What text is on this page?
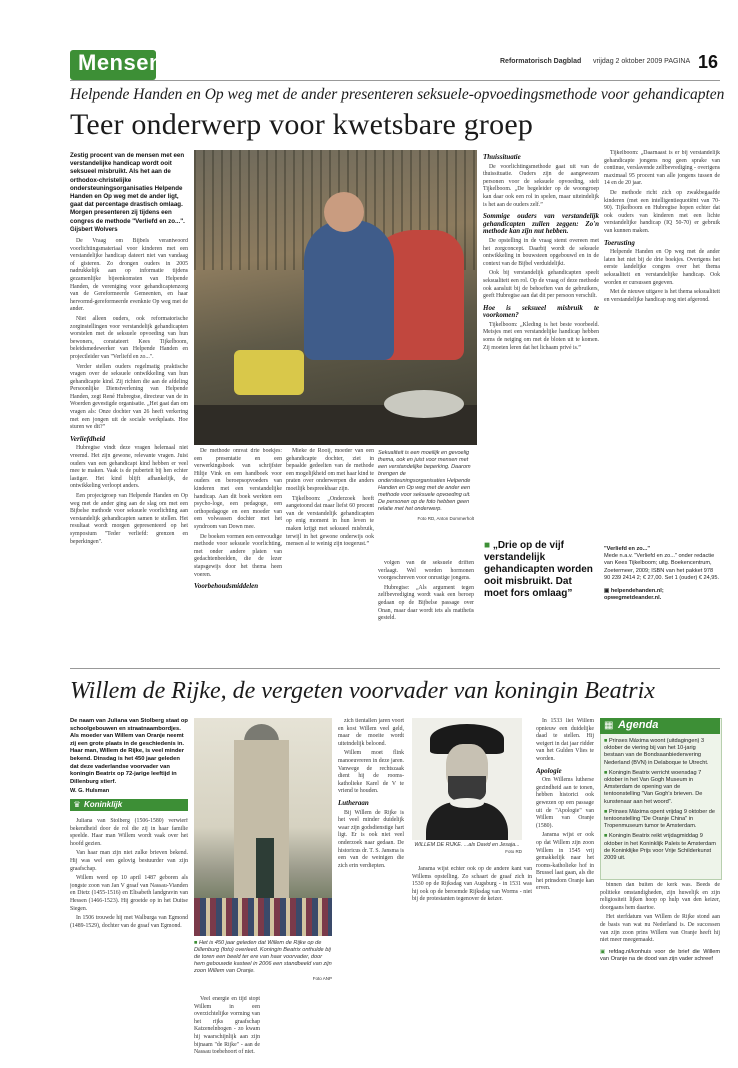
Mensen	Reformatorisch Dagblad vrijdag 2 oktober 2009 PAGINA 16
Helpende Handen en Op weg met de ander presenteren seksuele-opvoedingsmethode voor gehandicapten
Teer onderwerp voor kwetsbare groep
Zestig procent van de mensen met een verstandelijke handicap wordt ooit seksueel misbruikt. Als het aan de orthodox-christelijke ondersteuningsorganisaties Helpende Handen en Op weg met de ander ligt, gaat dat percentage drastisch omlaag. Morgen presenteren zij tijdens een congres de methode "Verliefd en zo...".
Gijsbert Wolvers

De Vraag om Bijbels verantwoord voorlichtingsmateriaal voor kinderen met een verstandelijke handicap dateert niet van vandaag of gisteren. Zo drongen ouders in 2005 nadrukkelijk aan op informatie tijdens gezamenlijke bijeenkomsten van Helpende Handen, de vereniging voor gehandicaptenzorg van de Gereformeerde Gemeenten, en haar hervormd-gereformeerde evenknie Op weg met de ander.

Niet alleen ouders, ook reformatorische zorginstellingen voor verstandelijk gehandicapten worstelen met de seksuele opvoeding van hun bewoners, constateert Kees Tijkelboom, beleidsmedewerker van Helpende Handen en projectleider van "Verliefd en zo...".

Verder stellen ouders regelmatig praktische vragen over de seksuele ontwikkeling van hun gehandicapte kind. Zij richten die aan de afdeling Persoonlijke Dienstverlening van Helpende Handen, zegt René Hubregtse, directeur van de in Woerden gevestigde organisatie. „Het gaat dan om vragen als: Onze dochter van 26 heeft verkering met een jongen uit de sociale werkplaats. Hoe sturen we dit?”

Verliefdheid

Hubregtse vindt deze vragen helemaal niet vreemd. Het zijn gewone, relevante vragen. Juist ouders van een gehandicapt kind hebben er veel mee te maken. Vaak is de puberteit bij hen echter lastiger. Het kind blijft afhankelijk, de ontwikkeling verloopt anders.

Een projectgroep van Helpende Handen en Op weg met de ander ging aan de slag om met een Bijbelse methode voor seksuele voorlichting aan verstandelijk gehandicapten samen te stellen. Het resultaat wordt morgen gepresenteerd op het symposium "Teder verliefd: grenzen en beperkingen".

De methode omvat drie boekjes: een presentatie en een verwerkingsboek van schrijfster Hiltje Vink en een handboek voor ouders en beroepsopvoeders van kinderen met een verstandelijke handicap. Aan dit boek werkten een psycho-loge, een pedagoge, een orthopedagoge en een moeder van een volwassen dochter met het syndroom van Down mee.

De boeken vormen een eenvoudige methode voor seksuele voorlichting, met onder andere platen van gedachtenbeelden, die de lezer stapsgewijs door het thema heen voeren.

Voorbehoudsmiddelen

Mieke de Rooij, moeder van een gehandicapte dochter, ziet in bepaalde gedeelten van de methode een mogelijkheid om met haar kind te praten over onderwerpen die anders moeilijk bespreekbaar zijn.

Tijkelboom: „Onderzoek heeft aangetoond dat maar liefst 60 procent van de verstandelijk gehandicapten op enig moment in hun leven te maken krijgt met seksueel misbruik, terwijl in het gewone onderwijs ook mensen al te weinig zijn toegerust.”

volgen van de seksuele driften verlaagt. Wel worden hormonen voorgeschreven voor onrustige jongens.

Hubregtse: „Als argument tegen zelfbevrediging wordt vaak een beroep gedaan op de Bijbelse passage over Onan, maar daar wordt iets als mattheüs gesteld.

Sekualiteit is een moeilijk en gevoelig thema, ook en juist voor mensen met een verstandelijke beperking. Daarom brengen de ondersteuningsorganisaties Helpende Handen en Op weg met de ander een methode voor seksuele opvoeding uit. De personen op de foto hebben geen relatie met het onderwerp.
Foto RD, Anton Dommerholt
Thuissituatie

De voorlichtingsmethode gaat uit van de thuissituatie. Ouders zijn de aangewezen personen voor de seksuele opvoeding, stelt Tijkelboom. „De begeleider op de woongroep kan daar ook een rol in spelen, maar uiteindelijk is het aan de ouders zelf.”

Sommige ouders van verstandelijk gehandicapten zullen zeggen: Zo'n methode kan zijn nut hebben.

De opstelling in de vraag stemt overeen met het zorgconcept. Daarbij wordt de seksuele ontwikkeling in bouwsteen opgebouwd en in de context van de Bijbel verduidelijkt.

Ook bij verstandelijk gehandicapten speelt seksualiteit een rol. Op de vraag of deze methode ook aansluit bij de behoeften van de gebruikers, geeft Hubregtse aan dat dit per persoon verschilt.

Hoe is seksueel misbruik te voorkomen?

Tijkelboom: „Kleding is het beste voorbeeld. Meisjes met een verstandelijke handicap hebben soms de neiging om met de bloten uit te komen. Zij moeten leren dat het lichaam privé is.”

■ „Drie op de vijf verstandelijk gehandicapten worden ooit misbruikt. Dat moet fors omlaag”

Tijkelboom: „Daarnaast is er bij verstandelijk gehandicapte jongens nog geen sprake van continue, verslavende zelfbevrediging - overigens maximaal 95 procent van alle jongens tussen de 14 en de 20 jaar.

De methode richt zich op zwakbegaafde kinderen (met een intelligentiequotiënt van 70-90). Tijkelboom en Hubregtse hopen echter dat ook ouders van kinderen met een lichte verstandelijke handicap (IQ 50-70) er gebruik van kunnen maken.

Toerusting

Helpende Handen en Op weg met de ander laten het niet bij de drie boekjes. Overigens het eerste landelijke congres over het thema seksualiteit en verstandelijke handicap. Ook worden er cursussen gegeven.

Met de nieuwe uitgave is het thema seksualiteit en verstandelijke handicap nog niet afgerond.

"Verliefd en zo..."
Mede n.a.v. "Verliefd en zo..." onder redactie van Kees Tijkelboom; uitg. Boekencentrum, Zoetermeer, 2009; ISBN van het pakket 978 90 239 2414 2; € 27,00. Set 1 (ouder) € 24,95.
▣ helpendehanden.nl; opwegmetdeander.nl.
Willem de Rijke, de vergeten voorvader van koningin Beatrix
De naam van Juliana van Stolberg staat op schoolgebouwen en straatnaambordjes. Als moeder van Willem van Oranje neemt zij een grote plaats in de geschiedenis in. Haar man, Willem de Rijke, is veel minder bekend. Dinsdag is het 450 jaar geleden dat deze vaderlandse voorvader van koningin Beatrix op 72-jarige leeftijd in Dillenburg stierf.
W. G. Hulsman
♛ Koninklijk

Juliana van Stolberg (1506-1580) verwierf bekendheid door de rol die zij in haar familie speelde. Haar man Willem wordt vaak over het hoofd gezien.

Van haar man zijn niet zulke brieven bekend. Hij was wel een gelovig bestuurder van zijn graafschap.

Willem werd op 10 april 1487 geboren als jongste zoon van Jan V graaf van Nassau-Vianden en Dietz (1455-1516) en Elisabeth landgravin van Hessen (1466-1523). Hij groeide op in het Duitse Siegen.

In 1506 trouwde hij met Walburga van Egmond (1489-1529), dochter van de graaf van Egmond.

■ Het is 450 jaar geleden dat Willem de Rijke op de Dillenburg (foto) overleed. Koningin Beatrix onthulde bij de toren een beeld ter ere van haar voorvader, door hem gebouwde kasteel in 2006 een standbeeld van zijn zoon Willem van Oranje.
Foto ANP

Veel energie en tijd stopt Willem in een overzichtelijke vorming van het rijks graafschap Katzenelnbogen - zo kwam hij waarschijnlijk aan zijn bijnaam "de Rijke" - aan de Nassau toebehoort of niet.

zich tientallen jaren voort en kost Willem veel geld, maar de moeite wordt uiteindelijk beloond.

Willem moet flink manoeuvreren in deze jaren. Vanwege de rechtszaak dient hij de rooms-katholieke Karel de V te vriend te houden.

Lutheraan

Bij Willem de Rijke is het veel minder duidelijk waar zijn godsdienstige hart ligt. Er is ook niet veel onderzoek naar gedaan. De historicus dr. T. S. Jansma is een van de weinigen die zich erin verdiepten.

WILLEM DE RIJKE. ...als David en Jesaja...
Foto RD

Jansma wijst echter ook op de andere kant van Willems opstelling. Zo schaart de graaf zich in 1530 op de Rijksdag van Augsburg - in 1531 was hij ook op de beroemde Rijksdag van Worms - niet bij de protestanten tegenover de keizer.

In 1533 liet Willem opnieuw een duidelijke daad te stellen. Hij weigert in dat jaar ridder van het Gulden Vlies te worden.

Apologie

Om Willems lutherse gezindheid aan te tonen, hebben historici ook gewezen op een passage uit de "Apologie" van Willem van Oranje (1580).

Jansma wijst er ook op dat Willem zijn zoon Willem in 1545 vrij gemakkelijk naar het rooms-katholieke hof in Brussel laat gaan, als die het prinsdom Oranje kan erven.

▦ Agenda
■ Prinses Máxima woont (uitdagingen) 3 oktober de viering bij van het 10-jarig bestaan van de Bondsaanbiedenvering Nederland (BVN) in Delaboque te Utrecht.
■ Koningin Beatrix verricht woensdag 7 oktober in het Van Gogh Museum in Amsterdam de opening van de tentoonstelling "Van Gogh's brieven. De kunstenaar aan het woord".
■ Prinses Máxima opent vrijdag 9 oktober de tentoonstelling "De Oranje China" in Tropenmuseum tumor te Amsterdam.
■ Koningin Beatrix reikt vrijdagmiddag 9 oktober in het Koninklijk Paleis te Amsterdam de Koninklijke Prijs voor Vrije Schilderkunst 2009 uit.

binnen dan buiten de kerk was. Beeds de politieke omstandigheden, zijn huwelijk en zijn religiositeit lijken hoop op hulp van den keizer, doorgaans hem daartoe.

Het sterfdatum van Willem de Rijke stond aan de basis van wat nu Nederland is. De successen van zijn zoon prins Willem van Oranje heeft hij niet meer meegemaakt.

▣ refdag.nl/konhuis voor de brief die Willem van Oranje na de dood van zijn vader schreef
